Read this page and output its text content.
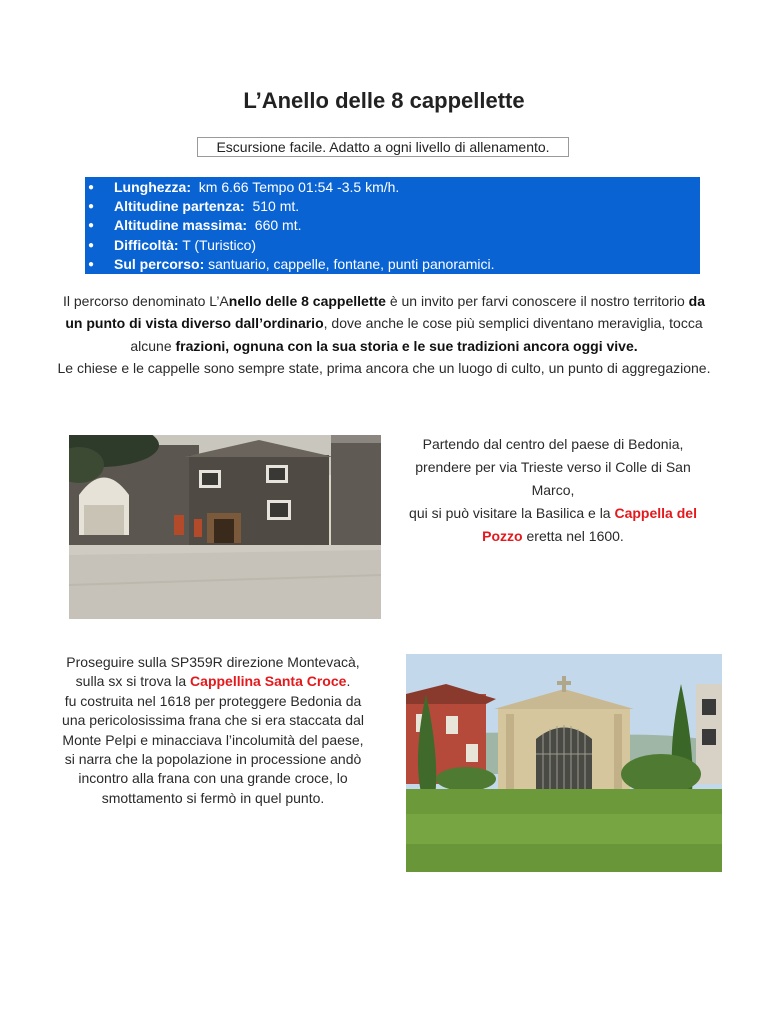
L’Anello delle 8 cappellette
Escursione facile. Adatto a ogni livello di allenamento.
● Lunghezza:  km 6.66 Tempo 01:54 -3.5 km/h.
● Altitudine partenza:  510 mt.
● Altitudine massima:  660 mt.
● Difficoltà: T (Turistico)
● Sul percorso: santuario, cappelle, fontane, punti panoramici.
Il percorso denominato L’Anello delle 8 cappellette è un invito per farvi conoscere il nostro territorio da un punto di vista diverso dall’ordinario, dove anche le cose più semplici diventano meraviglia, tocca alcune frazioni, ognuna con la sua storia e le sue tradizioni ancora oggi vive.
Le chiese e le cappelle sono sempre state, prima ancora che un luogo di culto, un punto di aggregazione.
Partendo dal centro del paese di Bedonia, prendere per via Trieste verso il Colle di San Marco,
qui si può visitare la Basilica e la Cappella del Pozzo eretta nel 1600.
Proseguire sulla SP359R direzione Montevacà, sulla sx si trova la Cappellina Santa Croce.
fu costruita nel 1618 per proteggere Bedonia da una pericolosissima frana che si era staccata dal Monte Pelpi e minacciava l’incolumità del paese, si narra che la popolazione in processione andò incontro alla frana con una grande croce, lo smottamento si fermò in quel punto.
